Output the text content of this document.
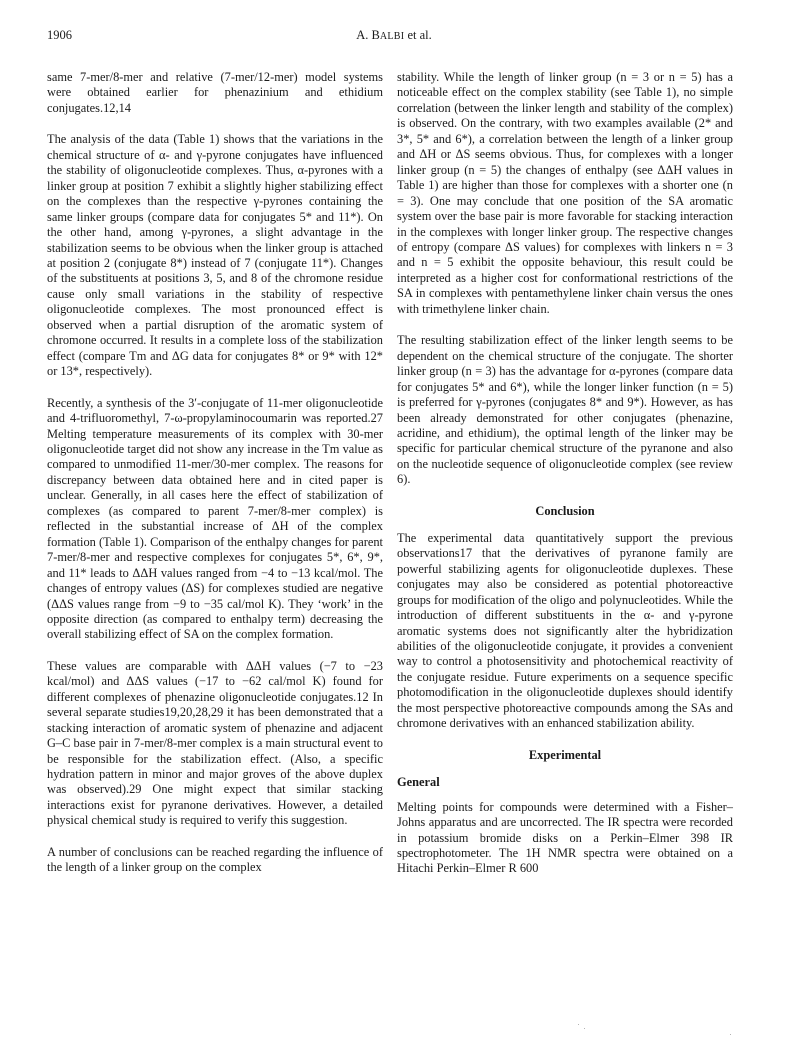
1906	A. BALBI et al.

same 7-mer/8-mer and relative (7-mer/12-mer) model systems were obtained earlier for phenazinium and ethidium conjugates.12,14

The analysis of the data (Table 1) shows that the variations in the chemical structure of α- and γ-pyrone conjugates have influenced the stability of oligonucleotide complexes. Thus, α-pyrones with a linker group at position 7 exhibit a slightly higher stabilizing effect on the complexes than the respective γ-pyrones containing the same linker groups (compare data for conjugates 5* and 11*). On the other hand, among γ-pyrones, a slight advantage in the stabilization seems to be obvious when the linker group is attached at position 2 (conjugate 8*) instead of 7 (conjugate 11*). Changes of the substituents at positions 3, 5, and 8 of the chromone residue cause only small variations in the stability of respective oligonucleotide complexes. The most pronounced effect is observed when a partial disruption of the aromatic system of chromone occurred. It results in a complete loss of the stabilization effect (compare Tm and ΔG data for conjugates 8* or 9* with 12* or 13*, respectively).

Recently, a synthesis of the 3′-conjugate of 11-mer oligonucleotide and 4-trifluoromethyl, 7-ω-propylaminocoumarin was reported.27 Melting temperature measurements of its complex with 30-mer oligonucleotide target did not show any increase in the Tm value as compared to unmodified 11-mer/30-mer complex. The reasons for discrepancy between data obtained here and in cited paper is unclear. Generally, in all cases here the effect of stabilization of complexes (as compared to parent 7-mer/8-mer complex) is reflected in the substantial increase of ΔH of the complex formation (Table 1). Comparison of the enthalpy changes for parent 7-mer/8-mer and respective complexes for conjugates 5*, 6*, 9*, and 11* leads to ΔΔH values ranged from −4 to −13 kcal/mol. The changes of entropy values (ΔS) for complexes studied are negative (ΔΔS values range from −9 to −35 cal/mol K). They ‘work’ in the opposite direction (as compared to enthalpy term) decreasing the overall stabilizing effect of SA on the complex formation.

These values are comparable with ΔΔH values (−7 to −23 kcal/mol) and ΔΔS values (−17 to −62 cal/mol K) found for different complexes of phenazine oligonucleotide conjugates.12 In several separate studies19,20,28,29 it has been demonstrated that a stacking interaction of aromatic system of phenazine and adjacent G–C base pair in 7-mer/8-mer complex is a main structural event to be responsible for the stabilization effect. (Also, a specific hydration pattern in minor and major groves of the above duplex was observed).29 One might expect that similar stacking interactions exist for pyranone derivatives. However, a detailed physical chemical study is required to verify this suggestion.

A number of conclusions can be reached regarding the influence of the length of a linker group on the complex

stability. While the length of linker group (n = 3 or n = 5) has a noticeable effect on the complex stability (see Table 1), no simple correlation (between the linker length and stability of the complex) is observed. On the contrary, with two examples available (2* and 3*, 5* and 6*), a correlation between the length of a linker group and ΔH or ΔS seems obvious. Thus, for complexes with a longer linker group (n = 5) the changes of enthalpy (see ΔΔH values in Table 1) are higher than those for complexes with a shorter one (n = 3). One may conclude that one position of the SA aromatic system over the base pair is more favorable for stacking interaction in the complexes with longer linker group. The respective changes of entropy (compare ΔS values) for complexes with linkers n = 3 and n = 5 exhibit the opposite behaviour, this result could be interpreted as a higher cost for conformational restrictions of the SA in complexes with pentamethylene linker chain versus the ones with trimethylene linker chain.

The resulting stabilization effect of the linker length seems to be dependent on the chemical structure of the conjugate. The shorter linker group (n = 3) has the advantage for α-pyrones (compare data for conjugates 5* and 6*), while the longer linker function (n = 5) is preferred for γ-pyrones (conjugates 8* and 9*). However, as has been already demonstrated for other conjugates (phenazine, acridine, and ethidium), the optimal length of the linker may be specific for particular chemical structure of the pyranone and also on the nucleotide sequence of oligonucleotide complex (see review 6).

Conclusion

The experimental data quantitatively support the previous observations17 that the derivatives of pyranone family are powerful stabilizing agents for oligonucleotide duplexes. These conjugates may also be considered as potential photoreactive groups for modification of the oligo and polynucleotides. While the introduction of different substituents in the α- and γ-pyrone aromatic systems does not significantly alter the hybridization abilities of the oligonucleotide conjugate, it provides a convenient way to control a photosensitivity and photochemical reactivity of the conjugate residue. Future experiments on a sequence specific photomodification in the oligonucleotide duplexes should identify the most perspective photoreactive compounds among the SAs and chromone derivatives with an enhanced stabilization ability.

Experimental
General

Melting points for compounds were determined with a Fisher–Johns apparatus and are uncorrected. The IR spectra were recorded in potassium bromide disks on a Perkin–Elmer 398 IR spectrophotometer. The 1H NMR spectra were obtained on a Hitachi Perkin–Elmer R 600
